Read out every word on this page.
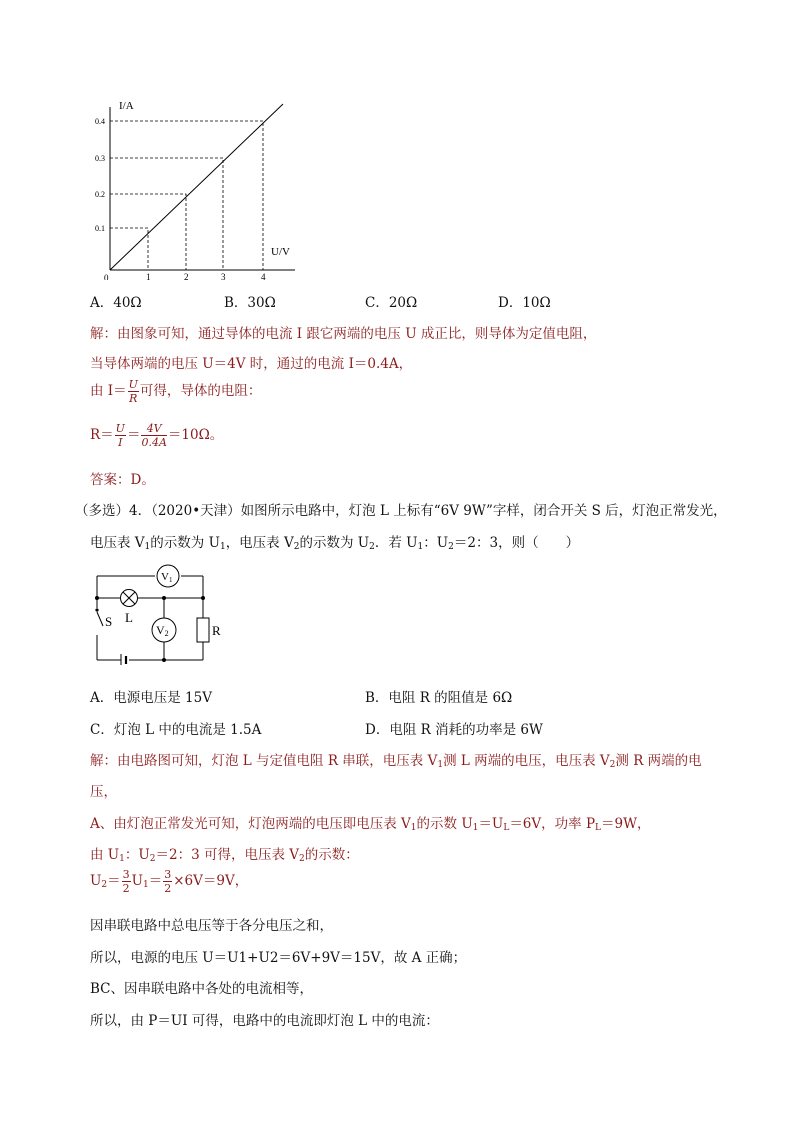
I/A
U/V
0	1	2	3	4
0.1
0.2
0.3
0.4
A．40Ω	B．30Ω	C．20Ω	D．10Ω
解：由图象可知，通过导体的电流 I 跟它两端的电压 U 成正比，则导体为定值电阻，
当导体两端的电压 U＝4V 时，通过的电流 I＝0.4A，
由 $I= \frac{U}{R}$ 可得，导体的电阻：
$R= \frac{U}{I} = \frac{4V}{0.4A} =10\Omega$。
答案：D。
（多选）4．（2020•天津）如图所示电路中，灯泡 L 上标有“6V 9W”字样，闭合开关 S 后，灯泡正常发光，
电压表 $V_1$的示数为 $U_1$，电压表 $V_2$的示数为 $U_2$．若 $U_1$：$U_2=2$：3，则（　　）
V1
V2
L
S
R
A．电源电压是 15V	B．电阻 R 的阻值是 6Ω
C．灯泡 L 中的电流是 1.5A	D．电阻 R 消耗的功率是 6W
解：由电路图可知，灯泡 L 与定值电阻 R 串联，电压表 $V_1$测 L 两端的电压，电压表 $V_2$测 R 两端的电
压，
A、由灯泡正常发光可知，灯泡两端的电压即电压表 $V_1$的示数 $U_1=U_L=6V$，功率 $P_L=9W$，
由 $U_1$：$U_2=2$：3 可得，电压表 $V_2$的示数：
$U_2= \frac{3}{2} U_1= \frac{3}{2} \times 6V=9V$，
因串联电路中总电压等于各分电压之和，
所以，电源的电压 U＝U1+U2＝6V+9V＝15V，故 A 正确；
BC、因串联电路中各处的电流相等，
所以，由 P＝UI 可得，电路中的电流即灯泡 L 中的电流：
